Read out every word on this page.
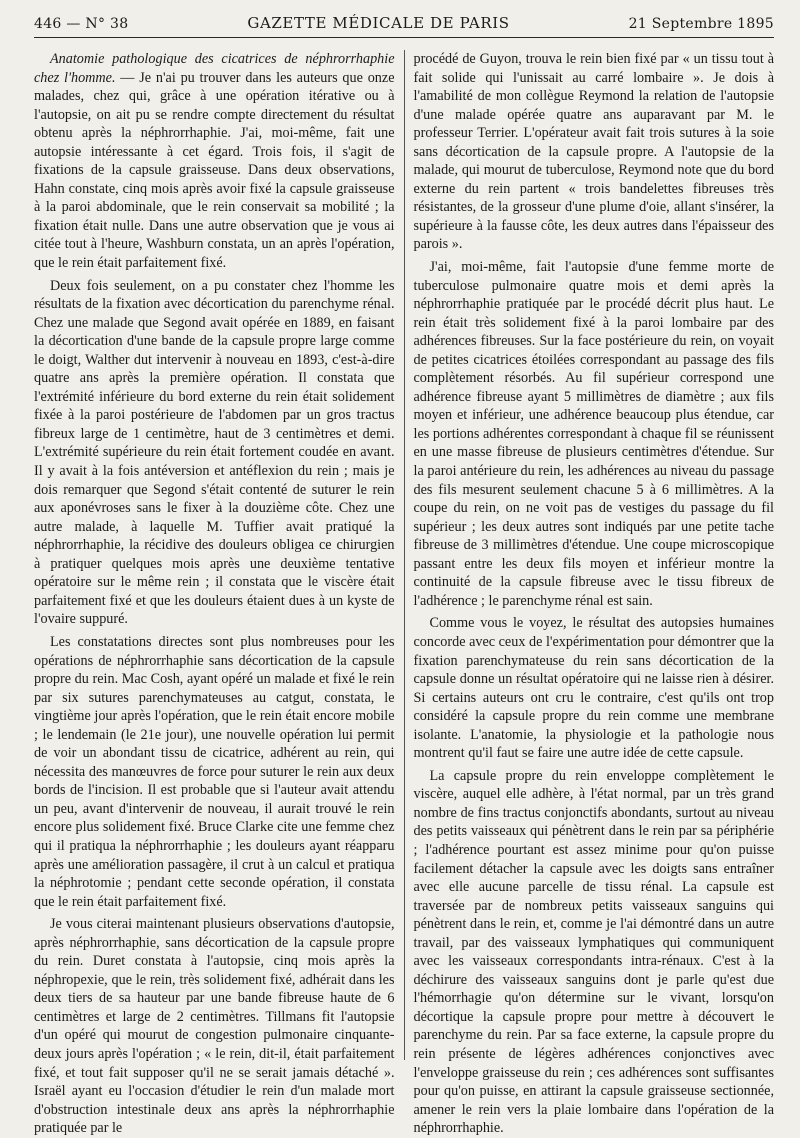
446 — N° 38	GAZETTE MÉDICALE DE PARIS	21 Septembre 1895

Anatomie pathologique des cicatrices de néphrorrhaphie chez l'homme. — Je n'ai pu trouver dans les auteurs que onze malades, chez qui, grâce à une opération itérative ou à l'autopsie, on ait pu se rendre compte directement du résultat obtenu après la néphrorrhaphie. J'ai, moi-même, fait une autopsie intéressante à cet égard. Trois fois, il s'agit de fixations de la capsule graisseuse. Dans deux observations, Hahn constate, cinq mois après avoir fixé la capsule graisseuse à la paroi abdominale, que le rein conservait sa mobilité ; la fixation était nulle. Dans une autre observation que je vous ai citée tout à l'heure, Washburn constata, un an après l'opération, que le rein était parfaitement fixé.

Deux fois seulement, on a pu constater chez l'homme les résultats de la fixation avec décortication du parenchyme rénal. Chez une malade que Segond avait opérée en 1889, en faisant la décortication d'une bande de la capsule propre large comme le doigt, Walther dut intervenir à nouveau en 1893, c'est-à-dire quatre ans après la première opération. Il constata que l'extrémité inférieure du bord externe du rein était solidement fixée à la paroi postérieure de l'abdomen par un gros tractus fibreux large de 1 centimètre, haut de 3 centimètres et demi. L'extrémité supérieure du rein était fortement coudée en avant. Il y avait à la fois antéversion et antéflexion du rein ; mais je dois remarquer que Segond s'était contenté de suturer le rein aux aponévroses sans le fixer à la douzième côte. Chez une autre malade, à laquelle M. Tuffier avait pratiqué la néphrorrhaphie, la récidive des douleurs obligea ce chirurgien à pratiquer quelques mois après une deuxième tentative opératoire sur le même rein ; il constata que le viscère était parfaitement fixé et que les douleurs étaient dues à un kyste de l'ovaire suppuré.

Les constatations directes sont plus nombreuses pour les opérations de néphrorrhaphie sans décortication de la capsule propre du rein. Mac Cosh, ayant opéré un malade et fixé le rein par six sutures parenchymateuses au catgut, constata, le vingtième jour après l'opération, que le rein était encore mobile ; le lendemain (le 21e jour), une nouvelle opération lui permit de voir un abondant tissu de cicatrice, adhérent au rein, qui nécessita des manœuvres de force pour suturer le rein aux deux bords de l'incision. Il est probable que si l'auteur avait attendu un peu, avant d'intervenir de nouveau, il aurait trouvé le rein encore plus solidement fixé. Bruce Clarke cite une femme chez qui il pratiqua la néphrorrhaphie ; les douleurs ayant réapparu après une amélioration passagère, il crut à un calcul et pratiqua la néphrotomie ; pendant cette seconde opération, il constata que le rein était parfaitement fixé.

Je vous citerai maintenant plusieurs observations d'autopsie, après néphrorrhaphie, sans décortication de la capsule propre du rein. Duret constata à l'autopsie, cinq mois après la néphropexie, que le rein, très solidement fixé, adhérait dans les deux tiers de sa hauteur par une bande fibreuse haute de 6 centimètres et large de 2 centimètres. Tillmans fit l'autopsie d'un opéré qui mourut de congestion pulmonaire cinquante-deux jours après l'opération ; « le rein, dit-il, était parfaitement fixé, et tout fait supposer qu'il ne se serait jamais détaché ». Israël ayant eu l'occasion d'étudier le rein d'un malade mort d'obstruction intestinale deux ans après la néphrorrhaphie pratiquée par le

procédé de Guyon, trouva le rein bien fixé par « un tissu tout à fait solide qui l'unissait au carré lombaire ». Je dois à l'amabilité de mon collègue Reymond la relation de l'autopsie d'une malade opérée quatre ans auparavant par M. le professeur Terrier. L'opérateur avait fait trois sutures à la soie sans décortication de la capsule propre. A l'autopsie de la malade, qui mourut de tuberculose, Reymond note que du bord externe du rein partent « trois bandelettes fibreuses très résistantes, de la grosseur d'une plume d'oie, allant s'insérer, la supérieure à la fausse côte, les deux autres dans l'épaisseur des parois ».

J'ai, moi-même, fait l'autopsie d'une femme morte de tuberculose pulmonaire quatre mois et demi après la néphrorrhaphie pratiquée par le procédé décrit plus haut. Le rein était très solidement fixé à la paroi lombaire par des adhérences fibreuses. Sur la face postérieure du rein, on voyait de petites cicatrices étoilées correspondant au passage des fils complètement résorbés. Au fil supérieur correspond une adhérence fibreuse ayant 5 millimètres de diamètre ; aux fils moyen et inférieur, une adhérence beaucoup plus étendue, car les portions adhérentes correspondant à chaque fil se réunissent en une masse fibreuse de plusieurs centimètres d'étendue. Sur la paroi antérieure du rein, les adhérences au niveau du passage des fils mesurent seulement chacune 5 à 6 millimètres. A la coupe du rein, on ne voit pas de vestiges du passage du fil supérieur ; les deux autres sont indiqués par une petite tache fibreuse de 3 millimètres d'étendue. Une coupe microscopique passant entre les deux fils moyen et inférieur montre la continuité de la capsule fibreuse avec le tissu fibreux de l'adhérence ; le parenchyme rénal est sain.

Comme vous le voyez, le résultat des autopsies humaines concorde avec ceux de l'expérimentation pour démontrer que la fixation parenchymateuse du rein sans décortication de la capsule donne un résultat opératoire qui ne laisse rien à désirer. Si certains auteurs ont cru le contraire, c'est qu'ils ont trop considéré la capsule propre du rein comme une membrane isolante. L'anatomie, la physiologie et la pathologie nous montrent qu'il faut se faire une autre idée de cette capsule.

La capsule propre du rein enveloppe complètement le viscère, auquel elle adhère, à l'état normal, par un très grand nombre de fins tractus conjonctifs abondants, surtout au niveau des petits vaisseaux qui pénètrent dans le rein par sa périphérie ; l'adhérence pourtant est assez minime pour qu'on puisse facilement détacher la capsule avec les doigts sans entraîner avec elle aucune parcelle de tissu rénal. La capsule est traversée par de nombreux petits vaisseaux sanguins qui pénètrent dans le rein, et, comme je l'ai démontré dans un autre travail, par des vaisseaux lymphatiques qui communiquent avec les vaisseaux correspondants intra-rénaux. C'est à la déchirure des vaisseaux sanguins dont je parle qu'est due l'hémorrhagie qu'on détermine sur le vivant, lorsqu'on décortique la capsule propre pour mettre à découvert le parenchyme du rein. Par sa face externe, la capsule propre du rein présente de légères adhérences conjonctives avec l'enveloppe graisseuse du rein ; ces adhérences sont suffisantes pour qu'on puisse, en attirant la capsule graisseuse sectionnée, amener le rein vers la plaie lombaire dans l'opération de la néphrorrhaphie.
